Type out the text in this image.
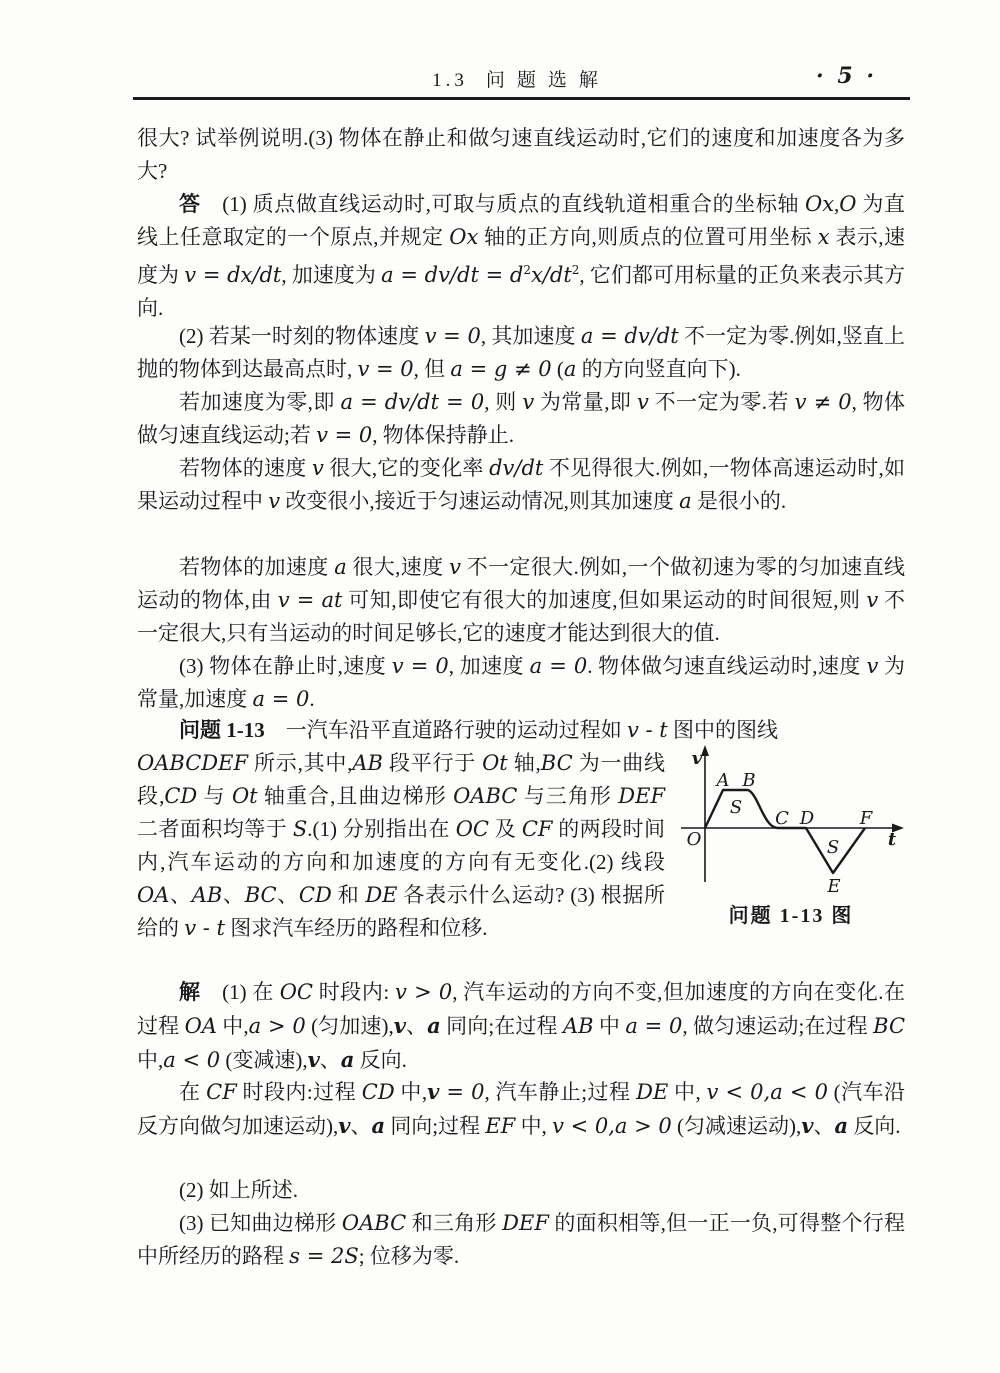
1.3 问题选解	· 5 ·

很大? 试举例说明.(3) 物体在静止和做匀速直线运动时,它们的速度和加速度各为多大?

答　(1) 质点做直线运动时,可取与质点的直线轨道相重合的坐标轴 Ox,O 为直线上任意取定的一个原点,并规定 Ox 轴的正方向,则质点的位置可用坐标 x 表示,速度为 v = dx/dt, 加速度为 $a = dv/dt = d^2x/dt^2$, 它们都可用标量的正负来表示其方向.

(2) 若某一时刻的物体速度 v = 0, 其加速度 a = dv/dt 不一定为零.例如,竖直上抛的物体到达最高点时, v = 0, 但 a = g ≠ 0 (a 的方向竖直向下).

若加速度为零,即 a = dv/dt = 0, 则 v 为常量,即 v 不一定为零.若 v ≠ 0, 物体做匀速直线运动;若 v = 0, 物体保持静止.

若物体的速度 v 很大,它的变化率 dv/dt 不见得很大.例如,一物体高速运动时,如果运动过程中 v 改变很小,接近于匀速运动情况,则其加速度 a 是很小的.

若物体的加速度 a 很大,速度 v 不一定很大.例如,一个做初速为零的匀加速直线运动的物体,由 v = at 可知,即使它有很大的加速度,但如果运动的时间很短,则 v 不一定很大,只有当运动的时间足够长,它的速度才能达到很大的值.

(3) 物体在静止时,速度 v = 0, 加速度 a = 0. 物体做匀速直线运动时,速度 v 为常量,加速度 a = 0.

问题 1-13　一汽车沿平直道路行驶的运动过程如 v - t 图中的图线

OABCDEF 所示,其中,AB 段平行于 Ot 轴,BC 为一曲线段,CD 与 Ot 轴重合,且曲边梯形 OABC 与三角形 DEF 二者面积均等于 S.(1) 分别指出在 OC 及 CF 的两段时间内,汽车运动的方向和加速度的方向有无变化.(2) 线段 OA、AB、BC、CD 和 DE 各表示什么运动? (3) 根据所给的 v - t 图求汽车经历的路程和位移.

解　(1) 在 OC 时段内: v > 0, 汽车运动的方向不变,但加速度的方向在变化.在过程 OA 中,a > 0 (匀加速),v、a 同向;在过程 AB 中 a = 0, 做匀速运动;在过程 BC 中,a < 0 (变减速),v、a 反向.

在 CF 时段内:过程 CD 中,v = 0, 汽车静止;过程 DE 中, v < 0,a < 0 (汽车沿反方向做匀加速运动),v、a 同向;过程 EF 中, v < 0,a > 0 (匀减速运动),v、a 反向.

(2) 如上所述.

(3) 已知曲边梯形 OABC 和三角形 DEF 的面积相等,但一正一负,可得整个行程中所经历的路程 s = 2S; 位移为零.

v
t
O
A B
C D	F
E
S
S
问题 1-13 图
